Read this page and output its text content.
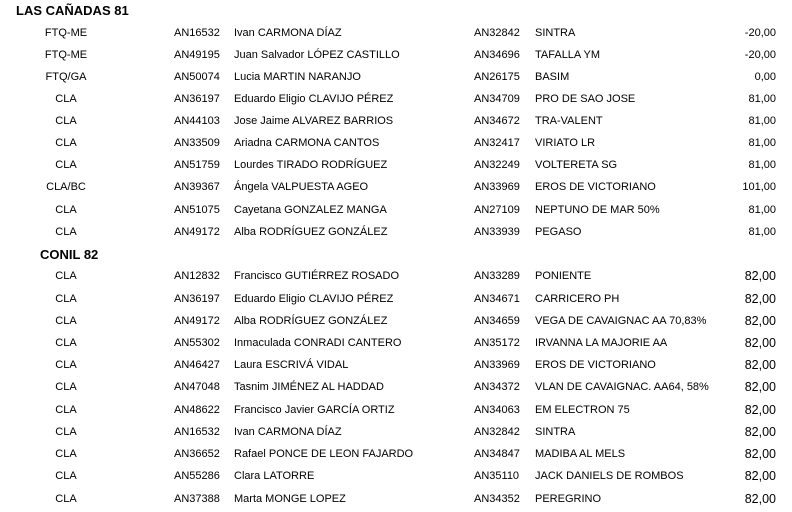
LAS CAÑADAS 81
FTQ-ME	AN16532 Ivan CARMONA DÍAZ	AN32842 SINTRA	-20,00
FTQ-ME	AN49195 Juan Salvador LÓPEZ CASTILLO	AN34696 TAFALLA YM	-20,00
FTQ/GA	AN50074 Lucia MARTIN NARANJO	AN26175 BASIM	0,00
CLA	AN36197 Eduardo Eligio CLAVIJO PÉREZ	AN34709 PRO DE SAO JOSE	81,00
CLA	AN44103 Jose Jaime ALVAREZ BARRIOS	AN34672 TRA-VALENT	81,00
CLA	AN33509 Ariadna CARMONA CANTOS	AN32417 VIRIATO LR	81,00
CLA	AN51759 Lourdes TIRADO RODRÍGUEZ	AN32249 VOLTERETA SG	81,00
CLA/BC	AN39367 Ángela VALPUESTA AGEO	AN33969 EROS DE VICTORIANO	101,00
CLA	AN51075 Cayetana GONZALEZ MANGA	AN27109 NEPTUNO DE MAR 50%	81,00
CLA	AN49172 Alba RODRÍGUEZ GONZÁLEZ	AN33939 PEGASO	81,00
CONIL 82
CLA	AN12832 Francisco GUTIÉRREZ ROSADO	AN33289 PONIENTE	82,00
CLA	AN36197 Eduardo Eligio CLAVIJO PÉREZ	AN34671 CARRICERO PH	82,00
CLA	AN49172 Alba RODRÍGUEZ GONZÁLEZ	AN34659 VEGA DE CAVAIGNAC AA 70,83%	82,00
CLA	AN55302 Inmaculada CONRADI CANTERO	AN35172 IRVANNA LA MAJORIE AA	82,00
CLA	AN46427 Laura ESCRIVÁ VIDAL	AN33969 EROS DE VICTORIANO	82,00
CLA	AN47048 Tasnim JIMÉNEZ AL HADDAD	AN34372 VLAN DE CAVAIGNAC. AA64, 58%	82,00
CLA	AN48622 Francisco Javier GARCÍA ORTIZ	AN34063 EM ELECTRON 75	82,00
CLA	AN16532 Ivan CARMONA DÍAZ	AN32842 SINTRA	82,00
CLA	AN36652 Rafael PONCE DE LEON FAJARDO	AN34847 MADIBA AL MELS	82,00
CLA	AN55286 Clara LATORRE	AN35110 JACK DANIELS DE ROMBOS	82,00
CLA	AN37388 Marta MONGE LOPEZ	AN34352 PEREGRINO	82,00
